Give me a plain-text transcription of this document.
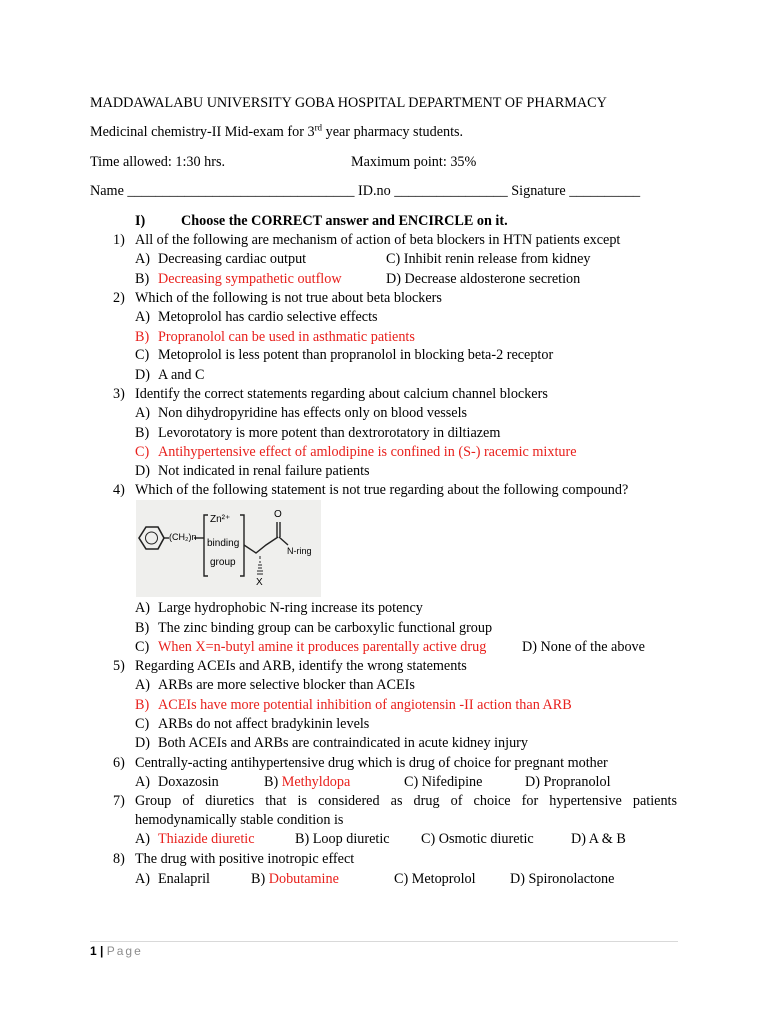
MADDAWALABU UNIVERSITY GOBA HOSPITAL DEPARTMENT OF PHARMACY
Medicinal chemistry-II Mid-exam for 3rd year pharmacy students.
Time allowed: 1:30 hrs.	Maximum point: 35%
Name ________________________________ ID.no ________________ Signature __________
I)	Choose the CORRECT answer and ENCIRCLE on it.
1) All of the following are mechanism of action of beta blockers in HTN patients except
A) Decreasing cardiac output	C) Inhibit renin release from kidney
B) Decreasing sympathetic outflow	D) Decrease aldosterone secretion
2) Which of the following is not true about beta blockers
A) Metoprolol has cardio selective effects
B) Propranolol can be used in asthmatic patients
C) Metoprolol is less potent than propranolol in blocking beta-2 receptor
D) A and C
3) Identify the correct statements regarding about calcium channel blockers
A) Non dihydropyridine has effects only on blood vessels
B) Levorotatory is more potent than dextrorotatory in diltiazem
C) Antihypertensive effect of amlodipine is confined in (S-) racemic mixture
D) Not indicated in renal failure patients
4) Which of the following statement is not true regarding about the following compound?
(CH₂)n
Zn²⁺
binding
group
O
N-ring
X
A) Large hydrophobic N-ring increase its potency
B) The zinc binding group can be carboxylic functional group
C) When X=n-butyl amine it produces parentally active drug	D) None of the above
5) Regarding ACEIs and ARB, identify the wrong statements
A) ARBs are more selective blocker than ACEIs
B) ACEIs have more potential inhibition of angiotensin -II action than ARB
C) ARBs do not affect bradykinin levels
D) Both ACEIs and ARBs are contraindicated in acute kidney injury
6) Centrally-acting antihypertensive drug which is drug of choice for pregnant mother
A) Doxazosin	B) Methyldopa	C) Nifedipine	D) Propranolol
7) Group of diuretics that is considered as drug of choice for hypertensive patients
hemodynamically stable condition is
A) Thiazide diuretic	B) Loop diuretic C) Osmotic diuretic	D) A & B
8) The drug with positive inotropic effect
A) Enalapril	B) Dobutamine	C) Metoprolol D) Spironolactone
1 | Page
